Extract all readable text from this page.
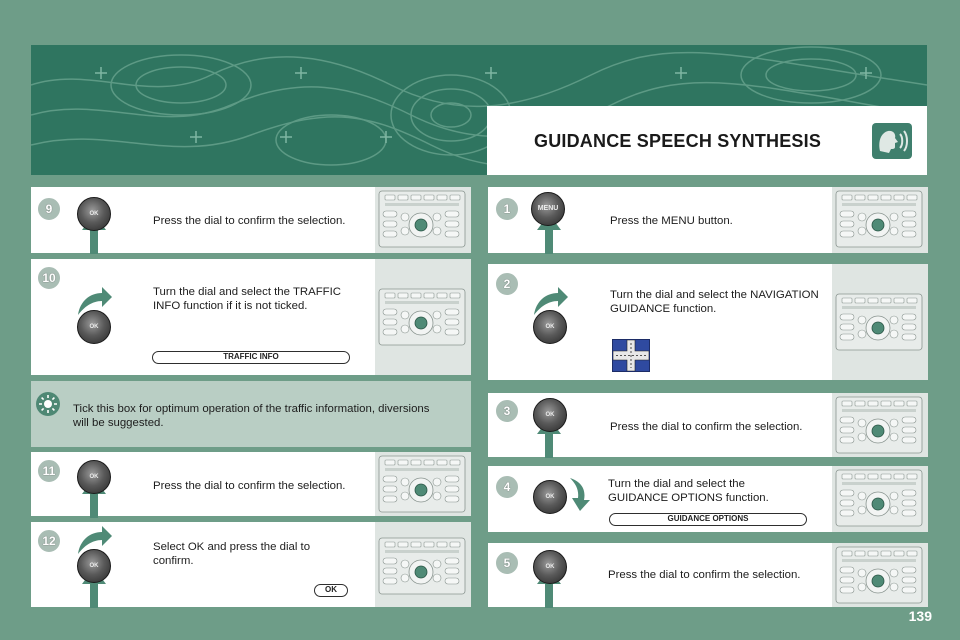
GUIDANCE SPEECH SYNTHESIS
Press the dial to confirm the selection.
9	OK
Turn the dial and select the TRAFFIC INFO function if it is not ticked.
TRAFFIC INFO
10
OK
Tick this box for optimum operation of the traffic information, diversions will be suggested.
Press the dial to confirm the selection.
11	OK
Select OK and press the dial to confirm.
OK
12
OK
Press the MENU button.
1	MENU
Turn the dial and select the NAVIGATION GUIDANCE function.
2
OK
Press the dial to confirm the selection.
3	OK
Turn the dial and select the GUIDANCE OPTIONS function.
GUIDANCE OPTIONS
4
OK
Press the dial to confirm the selection.
5	OK
139
